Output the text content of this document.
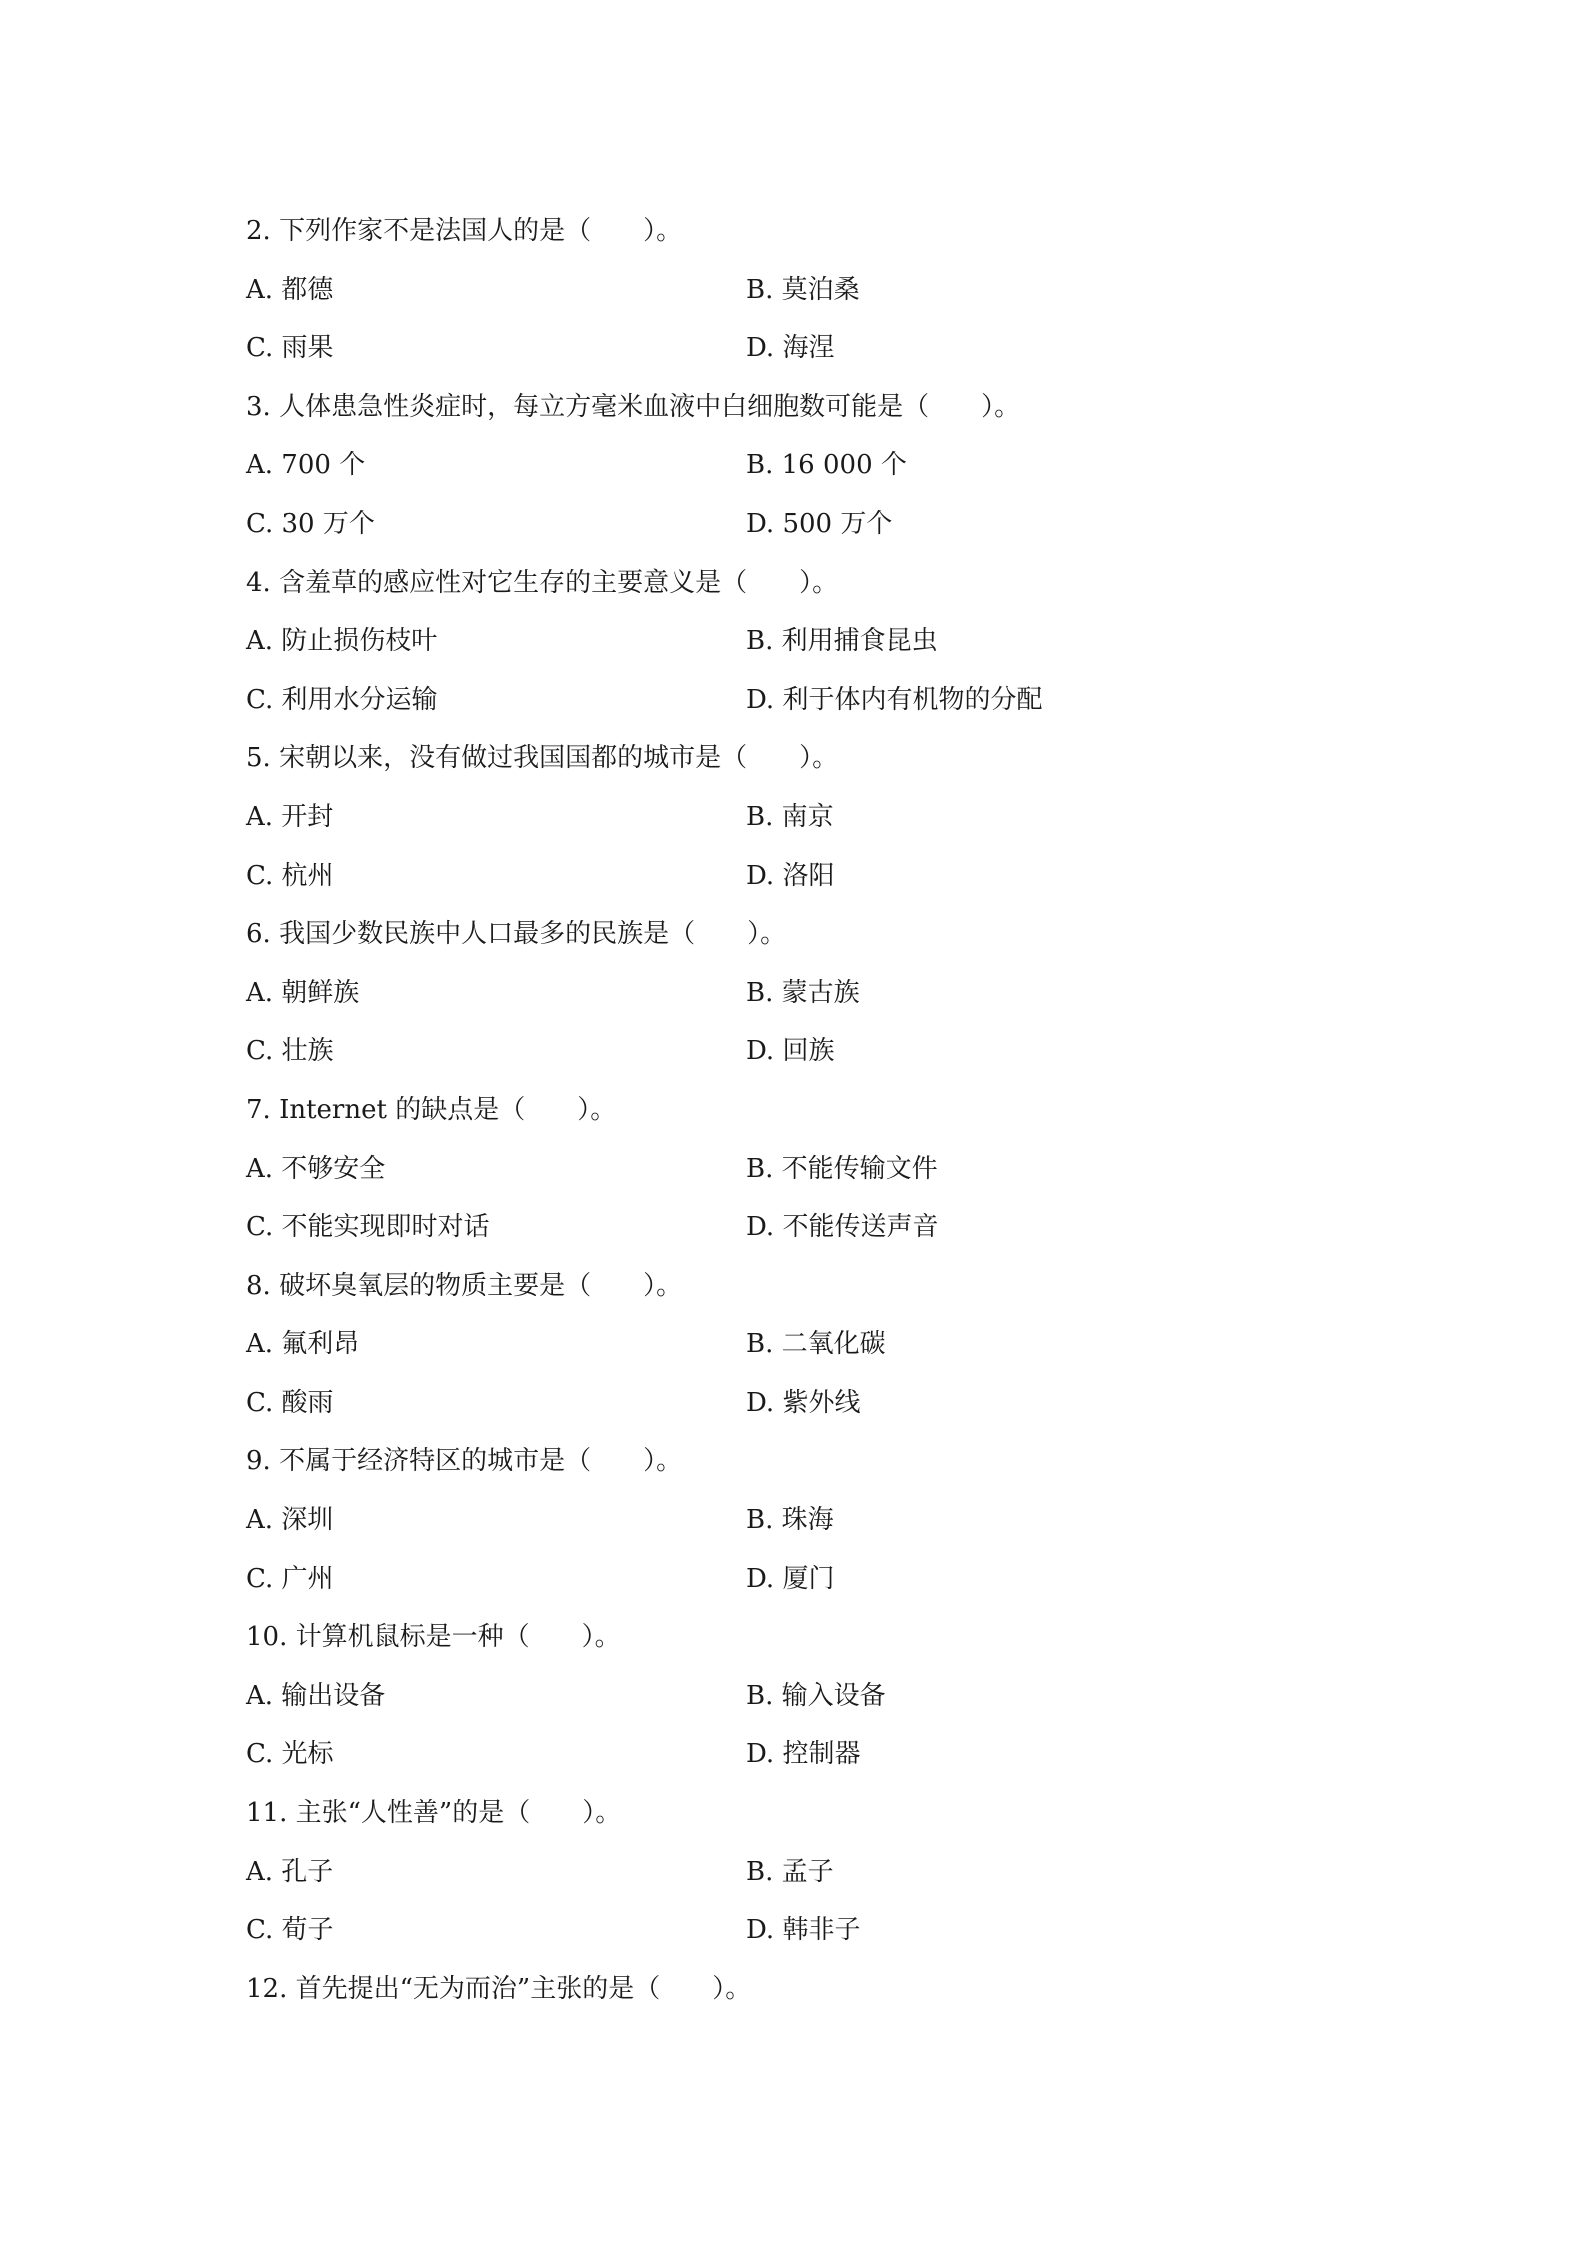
2. 下列作家不是法国人的是（　　）。
A. 都德	B. 莫泊桑
C. 雨果	D. 海涅
3. 人体患急性炎症时，每立方毫米血液中白细胞数可能是（　　）。
A. 700 个	B. 16 000 个
C. 30 万个	D. 500 万个
4. 含羞草的感应性对它生存的主要意义是（　　）。
A. 防止损伤枝叶	B. 利用捕食昆虫
C. 利用水分运输	D. 利于体内有机物的分配
5. 宋朝以来，没有做过我国国都的城市是（　　）。
A. 开封	B. 南京
C. 杭州	D. 洛阳
6. 我国少数民族中人口最多的民族是（　　）。
A. 朝鲜族	B. 蒙古族
C. 壮族	D. 回族
7. Internet 的缺点是（　　）。
A. 不够安全	B. 不能传输文件
C. 不能实现即时对话	D. 不能传送声音
8. 破坏臭氧层的物质主要是（　　）。
A. 氟利昂	B. 二氧化碳
C. 酸雨	D. 紫外线
9. 不属于经济特区的城市是（　　）。
A. 深圳	B. 珠海
C. 广州	D. 厦门
10. 计算机鼠标是一种（　　）。
A. 输出设备	B. 输入设备
C. 光标	D. 控制器
11. 主张“人性善”的是（　　）。
A. 孔子	B. 孟子
C. 荀子	D. 韩非子
12. 首先提出“无为而治”主张的是（　　）。
